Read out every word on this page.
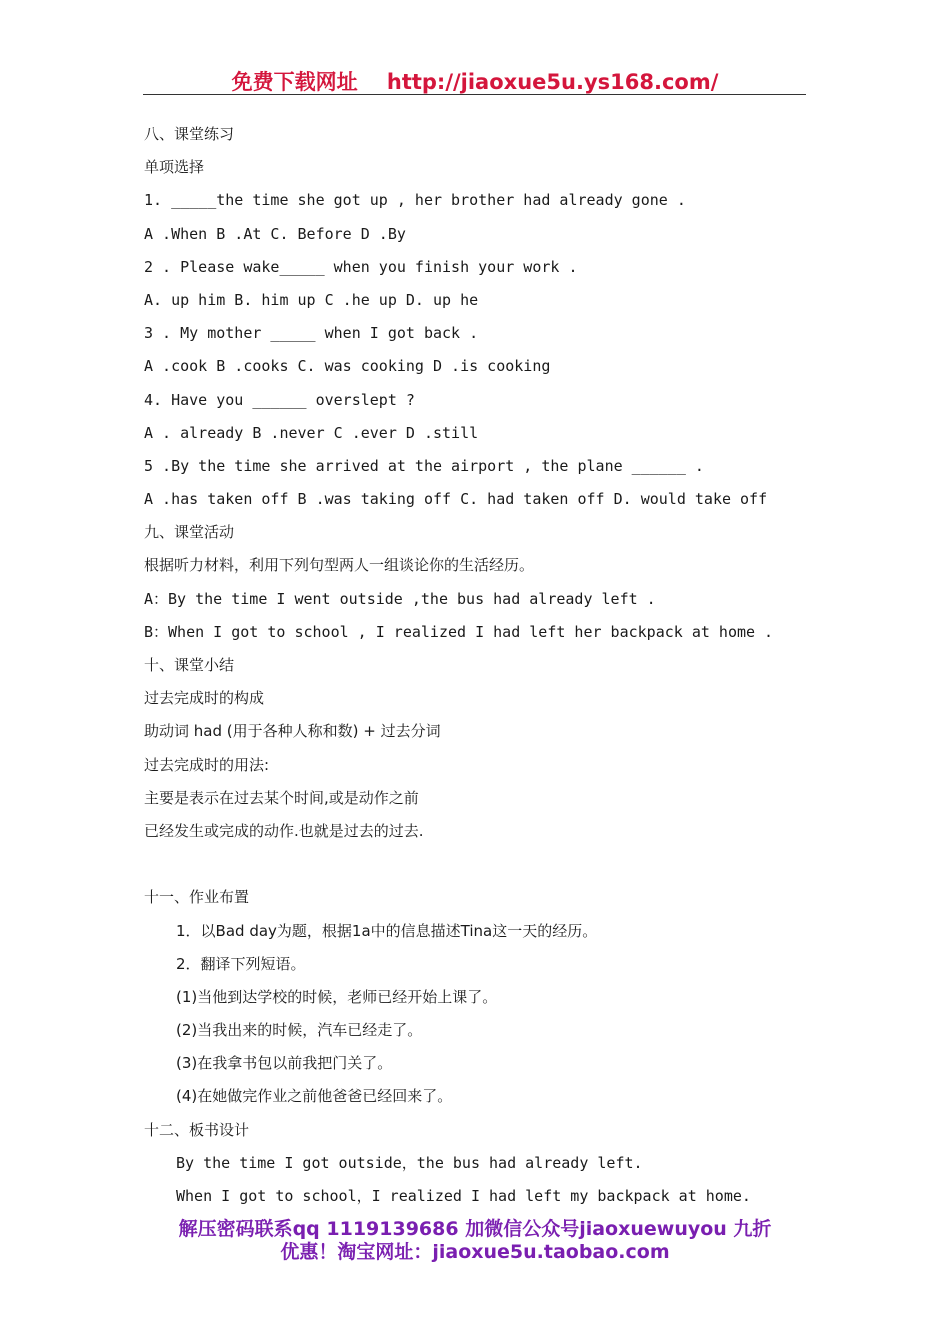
免费下载网址    http://jiaoxue5u.ys168.com/
八、课堂练习
单项选择
1. _____the time she got up , her brother had already gone .
A .When B .At C. Before D .By
2 . Please wake_____ when you finish your work .
A. up him B. him up C .he up D. up he
3 . My mother _____ when I got back .
A .cook B .cooks C. was cooking D .is cooking
4. Have you ______ overslept ?
A . already B .never C .ever D .still
5 .By the time she arrived at the airport , the plane ______ .
A .has taken off B .was taking off C. had taken off D. would take off
九、课堂活动
根据听力材料，利用下列句型两人一组谈论你的生活经历。
A：By the time I went outside ,the bus had already left .
B：When I got to school , I realized I had left her backpack at home .
十、课堂小结
过去完成时的构成
助动词 had (用于各种人称和数) + 过去分词
过去完成时的用法:
主要是表示在过去某个时间,或是动作之前
已经发生或完成的动作.也就是过去的过去.
十一、作业布置
1．以Bad day为题，根据1a中的信息描述Tina这一天的经历。
2．翻译下列短语。
(1)当他到达学校的时候，老师已经开始上课了。
(2)当我出来的时候，汽车已经走了。
(3)在我拿书包以前我把门关了。
(4)在她做完作业之前他爸爸已经回来了。
十二、板书设计
By the time I got outside，the bus had already left.
When I got to school，I realized I had left my backpack at home.
解压密码联系qq 1119139686 加微信公众号jiaoxuewuyou 九折
优惠！淘宝网址：jiaoxue5u.taobao.com
